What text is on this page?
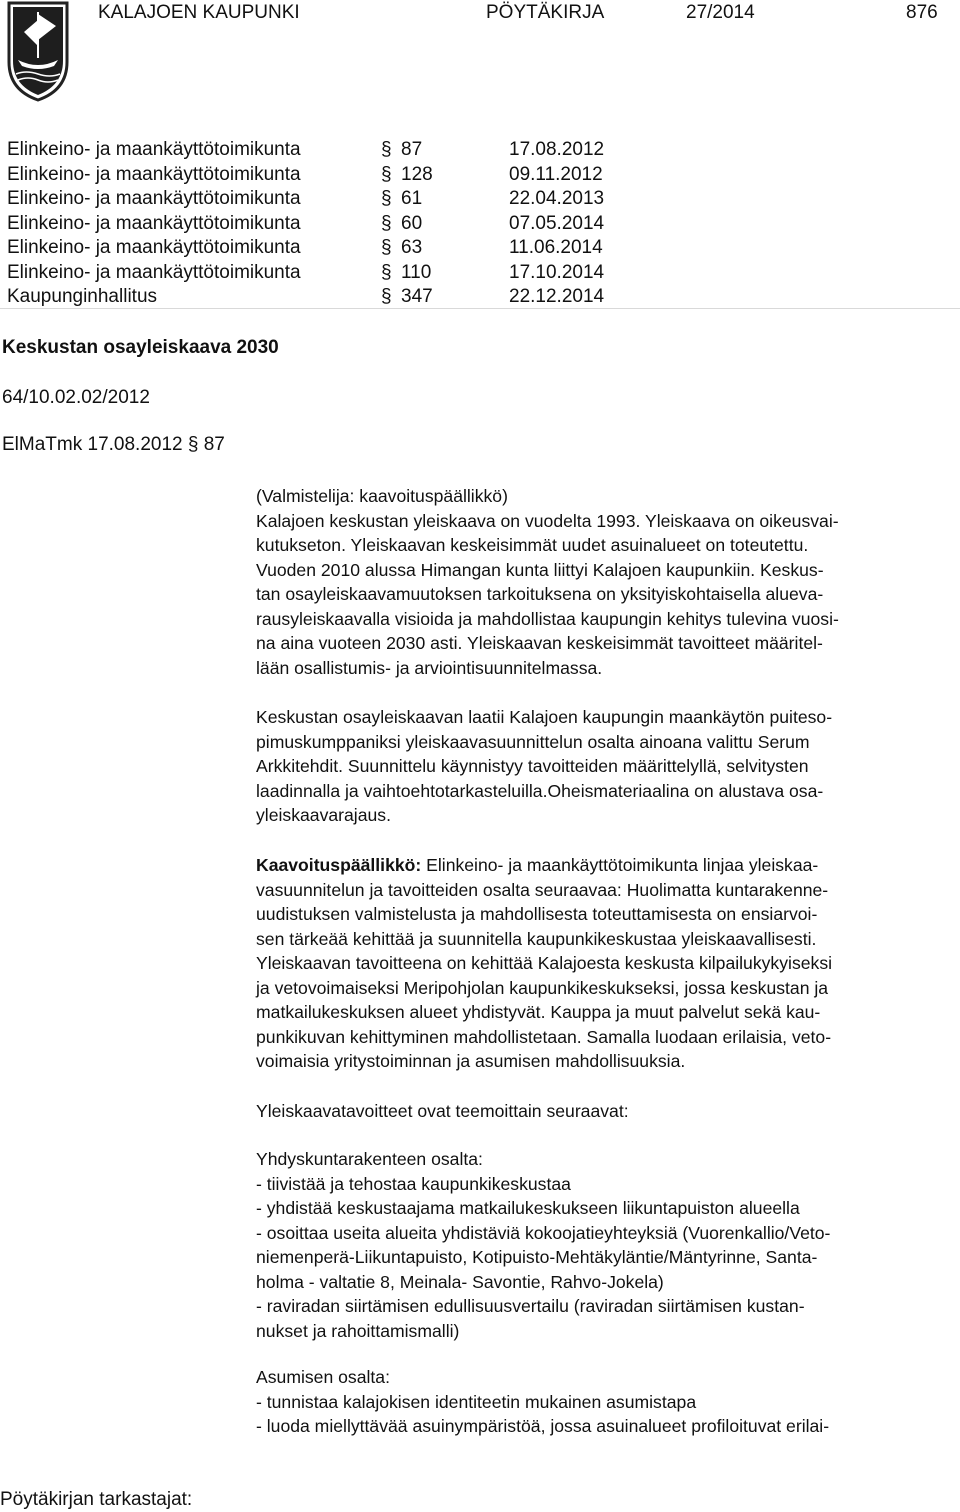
KALAJOEN KAUPUNKI	PÖYTÄKIRJA	27/2014	876
Elinkeino- ja maankäyttötoimikunta	§ 87	17.08.2012
Elinkeino- ja maankäyttötoimikunta	§ 128	09.11.2012
Elinkeino- ja maankäyttötoimikunta	§ 61	22.04.2013
Elinkeino- ja maankäyttötoimikunta	§ 60	07.05.2014
Elinkeino- ja maankäyttötoimikunta	§ 63	11.06.2014
Elinkeino- ja maankäyttötoimikunta	§ 110	17.10.2014
Kaupunginhallitus	§ 347	22.12.2014
Keskustan osayleiskaava 2030
64/10.02.02/2012
ElMaTmk 17.08.2012 § 87

(Valmistelija: kaavoituspäällikkö)

Kalajoen keskustan yleiskaava on vuodelta 1993. Yleiskaava on oikeusvai-

kutukseton. Yleiskaavan keskeisimmät uudet asuinalueet on toteutettu.

Vuoden 2010 alussa Himangan kunta liittyi Kalajoen kaupunkiin. Keskus-

tan osayleiskaavamuutoksen tarkoituksena on yksityiskohtaisella alueva-

rausyleiskaavalla visioida ja mahdollistaa kaupungin kehitys tulevina vuosi-

na aina vuoteen 2030 asti. Yleiskaavan keskeisimmät tavoitteet määritel-

lään osallistumis- ja arviointisuunnitelmassa.

Keskustan osayleiskaavan laatii Kalajoen kaupungin maankäytön puiteso-

pimuskumppaniksi yleiskaavasuunnittelun osalta ainoana valittu Serum

Arkkitehdit. Suunnittelu käynnistyy tavoitteiden määrittelyllä, selvitysten

laadinnalla ja vaihtoehtotarkasteluilla.Oheismateriaalina on alustava osa-

yleiskaavarajaus.

Kaavoituspäällikkö: Elinkeino- ja maankäyttötoimikunta linjaa yleiskaa-

vasuunnitelun ja tavoitteiden osalta seuraavaa: Huolimatta kuntarakenne-

uudistuksen valmistelusta ja mahdollisesta toteuttamisesta on ensiarvoi-

sen tärkeää kehittää ja suunnitella kaupunkikeskustaa yleiskaavallisesti.

Yleiskaavan tavoitteena on kehittää Kalajoesta keskusta kilpailukykyiseksi

ja vetovoimaiseksi Meripohjolan kaupunkikeskukseksi, jossa keskustan ja

matkailukeskuksen alueet yhdistyvät. Kauppa ja muut palvelut sekä kau-

punkikuvan kehittyminen mahdollistetaan. Samalla luodaan erilaisia, veto-

voimaisia yritystoiminnan ja asumisen mahdollisuuksia.

Yleiskaavatavoitteet ovat teemoittain seuraavat:

Yhdyskuntarakenteen osalta:

- tiivistää ja tehostaa kaupunkikeskustaa

- yhdistää keskustaajama matkailukeskukseen liikuntapuiston alueella

- osoittaa useita alueita yhdistäviä kokoojatieyhteyksiä (Vuorenkallio/Veto-

niemenperä-Liikuntapuisto, Kotipuisto-Mehtäkyläntie/Mäntyrinne, Santa-

holma - valtatie 8, Meinala- Savontie, Rahvo-Jokela)

- raviradan siirtämisen edullisuusvertailu (raviradan siirtämisen kustan-

nukset ja rahoittamismalli)

Asumisen osalta:

- tunnistaa kalajokisen identiteetin mukainen asumistapa

- luoda miellyttävää asuinympäristöä, jossa asuinalueet profiloituvat erilai-

Pöytäkirjan tarkastajat:
